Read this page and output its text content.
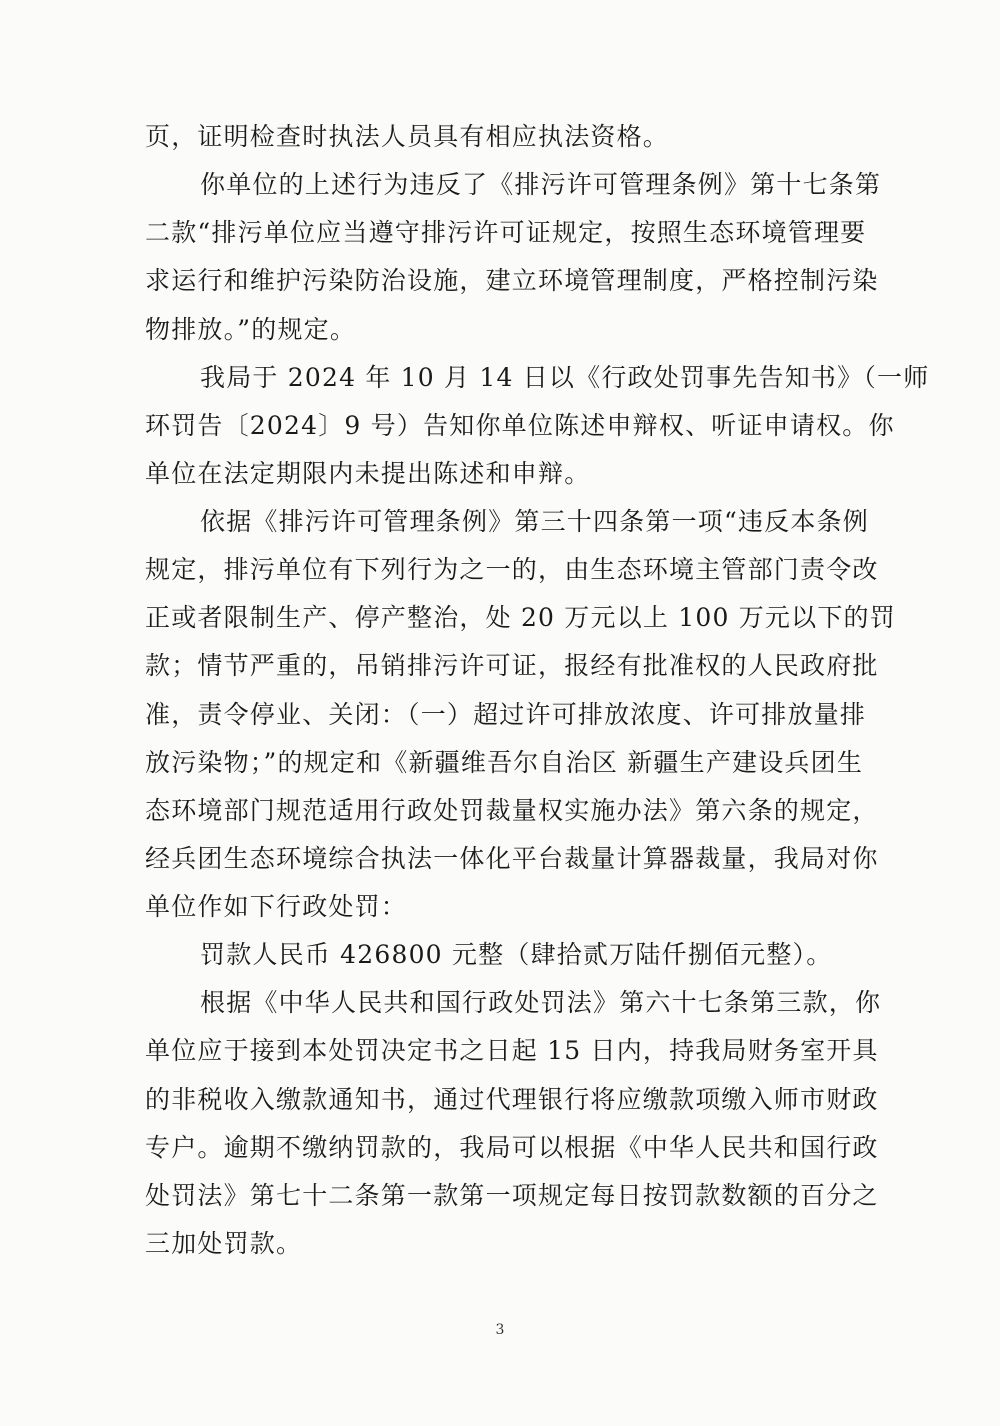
页，证明检查时执法人员具有相应执法资格。

你单位的上述行为违反了《排污许可管理条例》第十七条第

二款“排污单位应当遵守排污许可证规定，按照生态环境管理要

求运行和维护污染防治设施，建立环境管理制度，严格控制污染

物排放。”的规定。

我局于 2024 年 10 月 14 日以《行政处罚事先告知书》（一师

环罚告〔2024〕9 号）告知你单位陈述申辩权、听证申请权。你

单位在法定期限内未提出陈述和申辩。

依据《排污许可管理条例》第三十四条第一项“违反本条例

规定，排污单位有下列行为之一的，由生态环境主管部门责令改

正或者限制生产、停产整治，处 20 万元以上 100 万元以下的罚

款；情节严重的，吊销排污许可证，报经有批准权的人民政府批

准，责令停业、关闭：（一）超过许可排放浓度、许可排放量排

放污染物；”的规定和《新疆维吾尔自治区 新疆生产建设兵团生

态环境部门规范适用行政处罚裁量权实施办法》第六条的规定，

经兵团生态环境综合执法一体化平台裁量计算器裁量，我局对你

单位作如下行政处罚：

罚款人民币 426800 元整（肆拾贰万陆仟捌佰元整）。

根据《中华人民共和国行政处罚法》第六十七条第三款，你

单位应于接到本处罚决定书之日起 15 日内，持我局财务室开具

的非税收入缴款通知书，通过代理银行将应缴款项缴入师市财政

专户。逾期不缴纳罚款的，我局可以根据《中华人民共和国行政

处罚法》第七十二条第一款第一项规定每日按罚款数额的百分之

三加处罚款。

3
